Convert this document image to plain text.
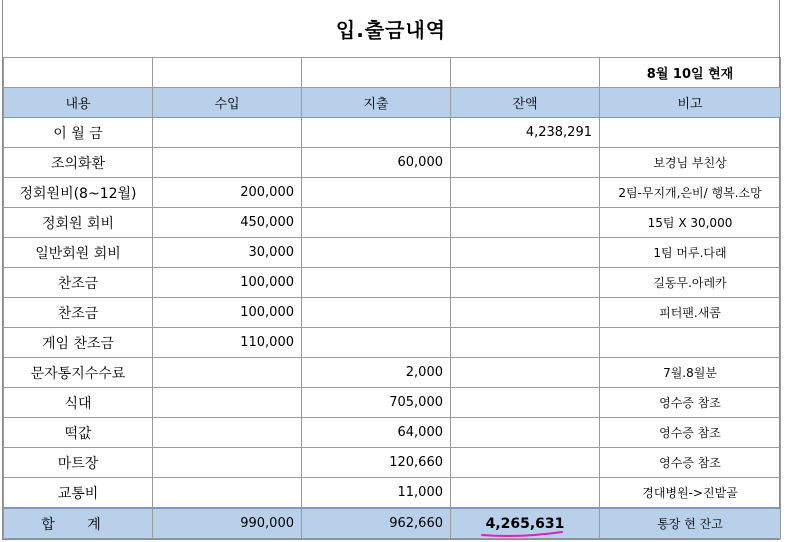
입.출금내역
				8월 10일 현재
내용	수입	지출	잔액	비고
이 월 금			4,238,291	
조의화환		60,000		보경님 부친상
정회원비(8~12월)	200,000			2팀-무지개,은비/ 행복.소망
정회원 회비	450,000			15팀 X 30,000
일반회원 회비	30,000			1팀 머루.다래
찬조금	100,000			길동무.아레카
찬조금	100,000			피터팬.새콤
게임 찬조금	110,000			
문자통지수수료		2,000		7월.8월분
식대		705,000		영수증 참조
떡값		64,000		영수증 참조
마트장		120,660		영수증 참조
교통비		11,000		경대병원->진밭골
합 계	990,000	962,660	4,265,631	통장 현 잔고
